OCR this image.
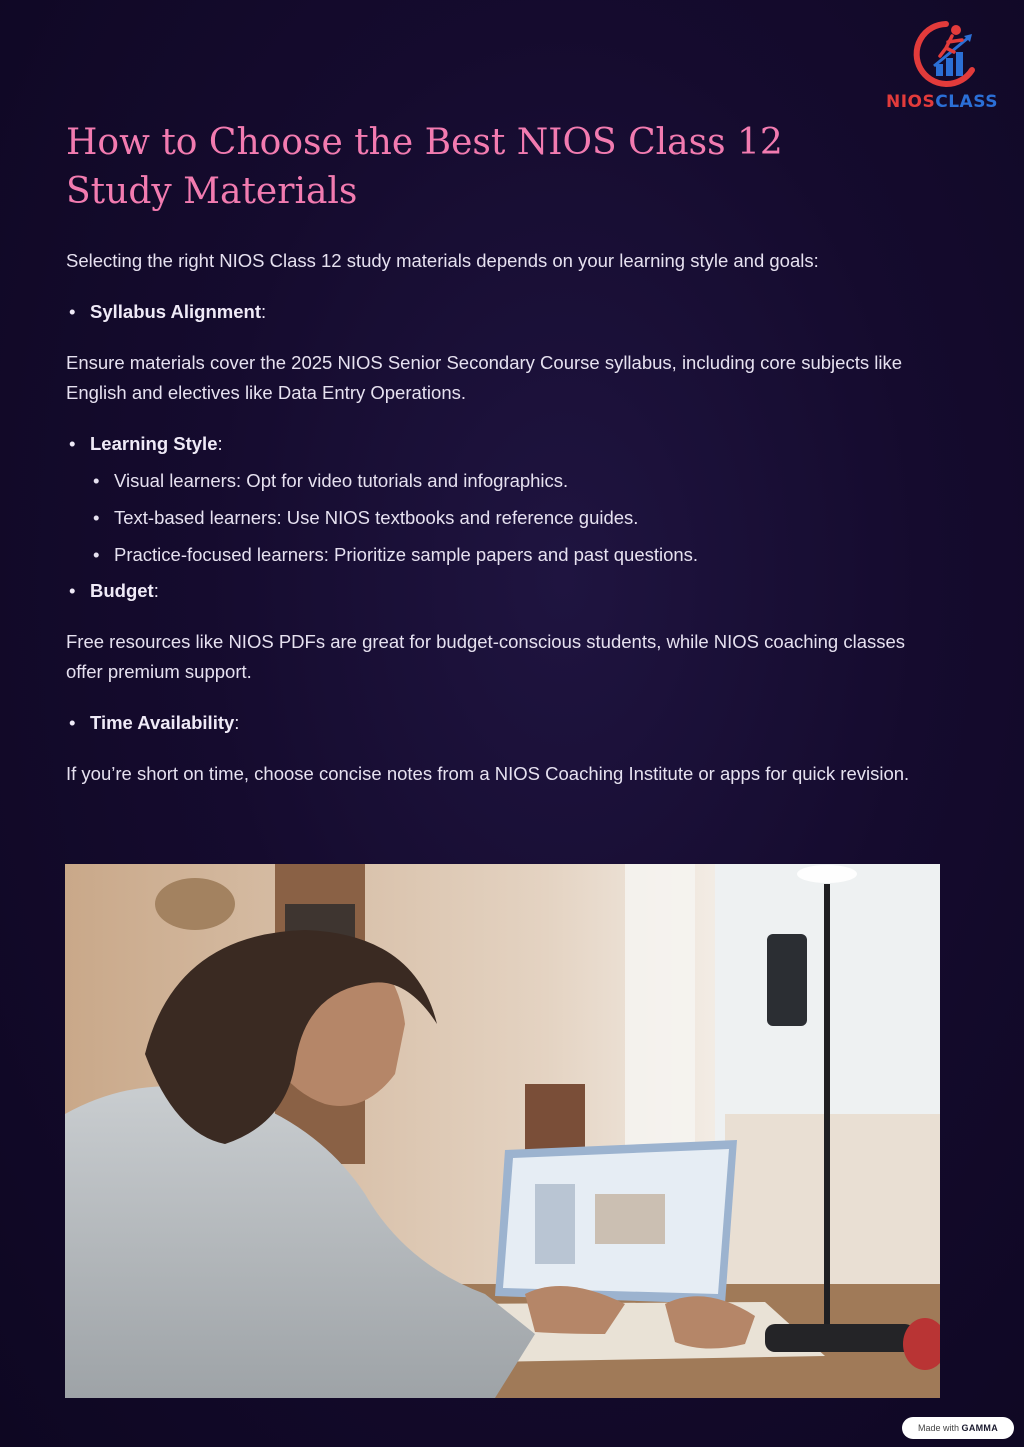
NIOSCLASS
How to Choose the Best NIOS Class 12 Study Materials

Selecting the right NIOS Class 12 study materials depends on your learning style and goals:

• Syllabus Alignment:

Ensure materials cover the 2025 NIOS Senior Secondary Course syllabus, including core subjects like English and electives like Data Entry Operations.

• Learning Style:
• Visual learners: Opt for video tutorials and infographics.
• Text-based learners: Use NIOS textbooks and reference guides.
• Practice-focused learners: Prioritize sample papers and past questions.
• Budget:

Free resources like NIOS PDFs are great for budget-conscious students, while NIOS coaching classes offer premium support.

• Time Availability:

If you’re short on time, choose concise notes from a NIOS Coaching Institute or apps for quick revision.

Made with GAMMA
